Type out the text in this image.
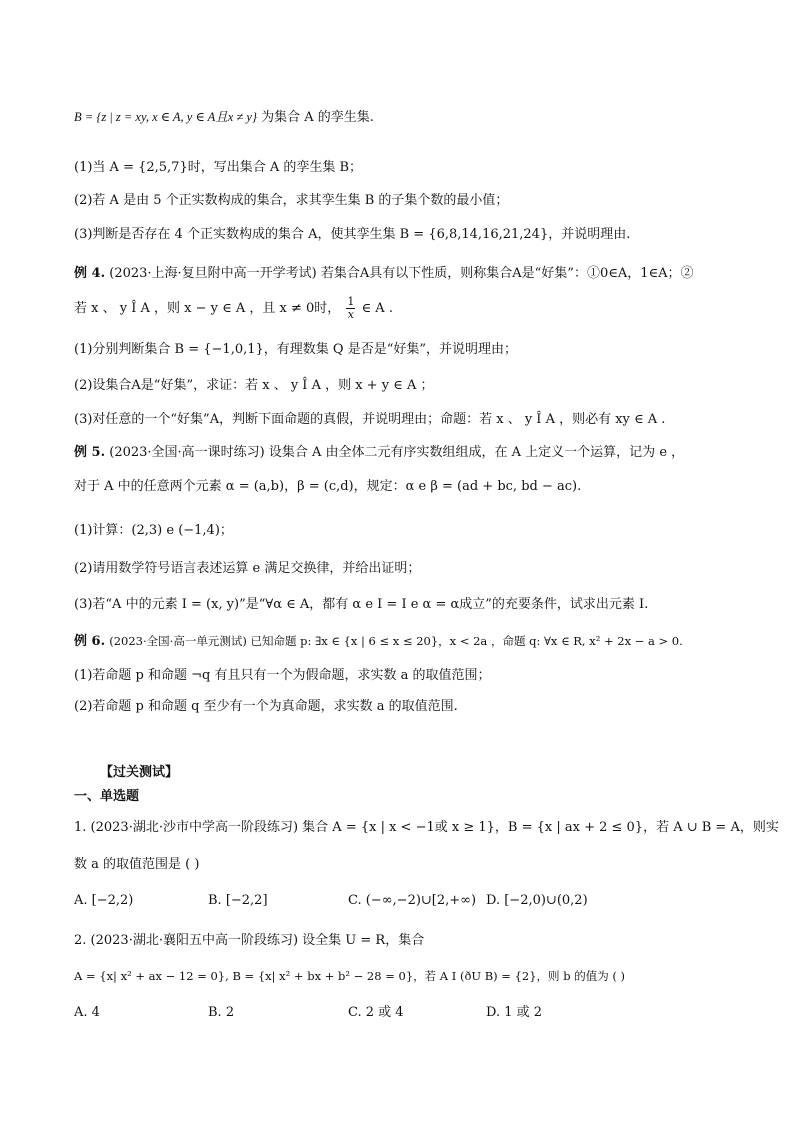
B = {z | z = xy, x ∈ A, y ∈ A且x ≠ y} 为集合 A 的孪生集.
(1)当 A = {2,5,7}时，写出集合 A 的孪生集 B；
(2)若 A 是由 5 个正实数构成的集合，求其孪生集 B 的子集个数的最小值；
(3)判断是否存在 4 个正实数构成的集合 A，使其孪生集 B = {6,8,14,16,21,24}，并说明理由.
例 4. (2023·上海·复旦附中高一开学考试) 若集合A具有以下性质，则称集合A是“好集”：①0∈A，1∈A；②
若 x 、 y Î A ，则 x − y ∈ A ，且 x ≠ 0时， $\frac{1}{x}$ ∈ A .
(1)分别判断集合 B = {−1,0,1}，有理数集 Q 是否是“好集”，并说明理由；
(2)设集合A是“好集”，求证：若 x 、 y Î A ，则 x + y ∈ A ；
(3)对任意的一个“好集”A，判断下面命题的真假，并说明理由；命题：若 x 、 y Î A ，则必有 xy ∈ A .
例 5. (2023·全国·高一课时练习) 设集合 A 由全体二元有序实数组组成，在 A 上定义一个运算，记为 e ，
对于 A 中的任意两个元素 α = (a,b)，β = (c,d)，规定：α e β = (ad + bc, bd − ac).
(1)计算：(2,3) e (−1,4)；
(2)请用数学符号语言表述运算 e 满足交换律，并给出证明；
(3)若“A 中的元素 I = (x, y)”是“∀α ∈ A，都有 α e I = I e α = α成立”的充要条件，试求出元素 I.
例 6. (2023·全国·高一单元测试) 已知命题 p: ∃x ∈ {x | 6 ≤ x ≤ 20}，x < 2a ，命题 q: ∀x ∈ R, x² + 2x − a > 0.
(1)若命题 p 和命题 ¬q 有且只有一个为假命题，求实数 a 的取值范围；
(2)若命题 p 和命题 q 至少有一个为真命题，求实数 a 的取值范围.
【过关测试】
一、单选题
1. (2023·湖北·沙市中学高一阶段练习) 集合 A = {x | x < −1或 x ≥ 1}，B = {x | ax + 2 ≤ 0}，若 A ∪ B = A，则实
数 a 的取值范围是 ( )
A. [−2,2)	B. [−2,2]	C. (−∞,−2)∪[2,+∞) D. [−2,0)∪(0,2)
2. (2023·湖北·襄阳五中高一阶段练习) 设全集 U = R，集合
A = {x| x² + ax − 12 = 0}, B = {x| x² + bx + b² − 28 = 0}，若 A I (ðU B) = {2}，则 b 的值为 ( )
A. 4	B. 2	C. 2 或 4	D. 1 或 2
